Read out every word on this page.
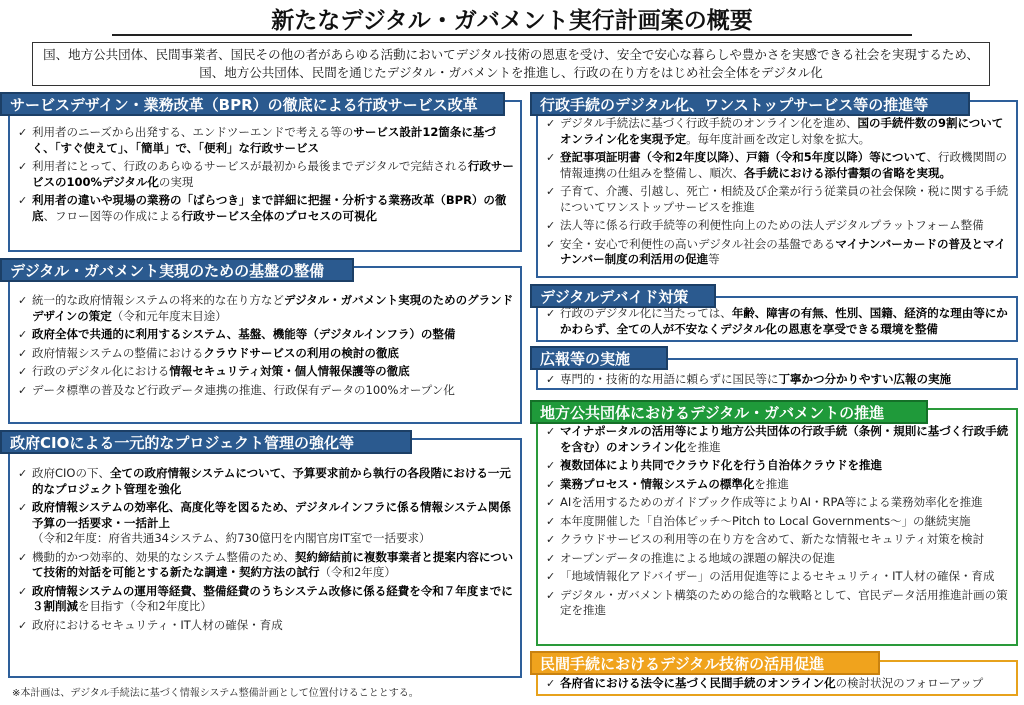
新たなデジタル・ガバメント実行計画案の概要
国、地方公共団体、民間事業者、国民その他の者があらゆる活動においてデジタル技術の恩恵を受け、安全で安心な暮らしや豊かさを実感できる社会を実現するため、国、地方公共団体、民間を通じたデジタル・ガバメントを推進し、行政の在り方をはじめ社会全体をデジタル化
サービスデザイン・業務改革（BPR）の徹底による行政サービス改革
✓ 利用者のニーズから出発する、エンドツーエンドで考える等のサービス設計12箇条に基づく、「すぐ使えて」、「簡単」で、「便利」な行政サービス
✓ 利用者にとって、行政のあらゆるサービスが最初から最後までデジタルで完結される行政サービスの100%デジタル化の実現
✓ 利用者の違いや現場の業務の「ばらつき」まで詳細に把握・分析する業務改革（BPR）の徹底、フロー図等の作成による行政サービス全体のプロセスの可視化
デジタル・ガバメント実現のための基盤の整備
✓ 統一的な政府情報システムの将来的な在り方などデジタル・ガバメント実現のためのグランドデザインの策定（令和元年度末目途）
✓ 政府全体で共通的に利用するシステム、基盤、機能等（デジタルインフラ）の整備
✓ 政府情報システムの整備におけるクラウドサービスの利用の検討の徹底
✓ 行政のデジタル化における情報セキュリティ対策・個人情報保護等の徹底
✓ データ標準の普及など行政データ連携の推進、行政保有データの100%オープン化
政府CIOによる一元的なプロジェクト管理の強化等
✓ 政府CIOの下、全ての政府情報システムについて、予算要求前から執行の各段階における一元的なプロジェクト管理を強化
✓ 政府情報システムの効率化、高度化等を図るため、デジタルインフラに係る情報システム関係予算の一括要求・一括計上
（令和2年度：府省共通34システム、約730億円を内閣官房IT室で一括要求）
✓ 機動的かつ効率的、効果的なシステム整備のため、契約締結前に複数事業者と提案内容について技術的対話を可能とする新たな調達・契約方法の試行（令和2年度）
✓ 政府情報システムの運用等経費、整備経費のうちシステム改修に係る経費を令和７年度までに３割削減を目指す（令和2年度比）
✓ 政府におけるセキュリティ・IT人材の確保・育成
行政手続のデジタル化、ワンストップサービス等の推進等
✓ デジタル手続法に基づく行政手続のオンライン化を進め、国の手続件数の9割についてオンライン化を実現予定。毎年度計画を改定し対象を拡大。
✓ 登記事項証明書（令和2年度以降）、戸籍（令和5年度以降）等について、行政機関間の情報連携の仕組みを整備し、順次、各手続における添付書類の省略を実現。
✓ 子育て、介護、引越し、死亡・相続及び企業が行う従業員の社会保険・税に関する手続についてワンストップサービスを推進
✓ 法人等に係る行政手続等の利便性向上のための法人デジタルプラットフォーム整備
✓ 安全・安心で利便性の高いデジタル社会の基盤であるマイナンバーカードの普及とマイナンバー制度の利活用の促進等
デジタルデバイド対策
✓ 行政のデジタル化に当たっては、年齢、障害の有無、性別、国籍、経済的な理由等にかかわらず、全ての人が不安なくデジタル化の恩恵を享受できる環境を整備
広報等の実施
✓ 専門的・技術的な用語に頼らずに国民等に丁寧かつ分かりやすい広報の実施
地方公共団体におけるデジタル・ガバメントの推進
✓ マイナポータルの活用等により地方公共団体の行政手続（条例・規則に基づく行政手続を含む）のオンライン化を推進
✓ 複数団体により共同でクラウド化を行う自治体クラウドを推進
✓ 業務プロセス・情報システムの標準化を推進
✓ AIを活用するためのガイドブック作成等によりAI・RPA等による業務効率化を推進
✓ 本年度開催した「自治体ピッチ～Pitch to Local Governments～」の継続実施
✓ クラウドサービスの利用等の在り方を含めて、新たな情報セキュリティ対策を検討
✓ オープンデータの推進による地域の課題の解決の促進
✓ 「地域情報化アドバイザー」の活用促進等によるセキュリティ・IT人材の確保・育成
✓ デジタル・ガバメント構築のための総合的な戦略として、官民データ活用推進計画の策定を推進
民間手続におけるデジタル技術の活用促進
✓ 各府省における法令に基づく民間手続のオンライン化の検討状況のフォローアップ
※本計画は、デジタル手続法に基づく情報システム整備計画として位置付けることとする。
